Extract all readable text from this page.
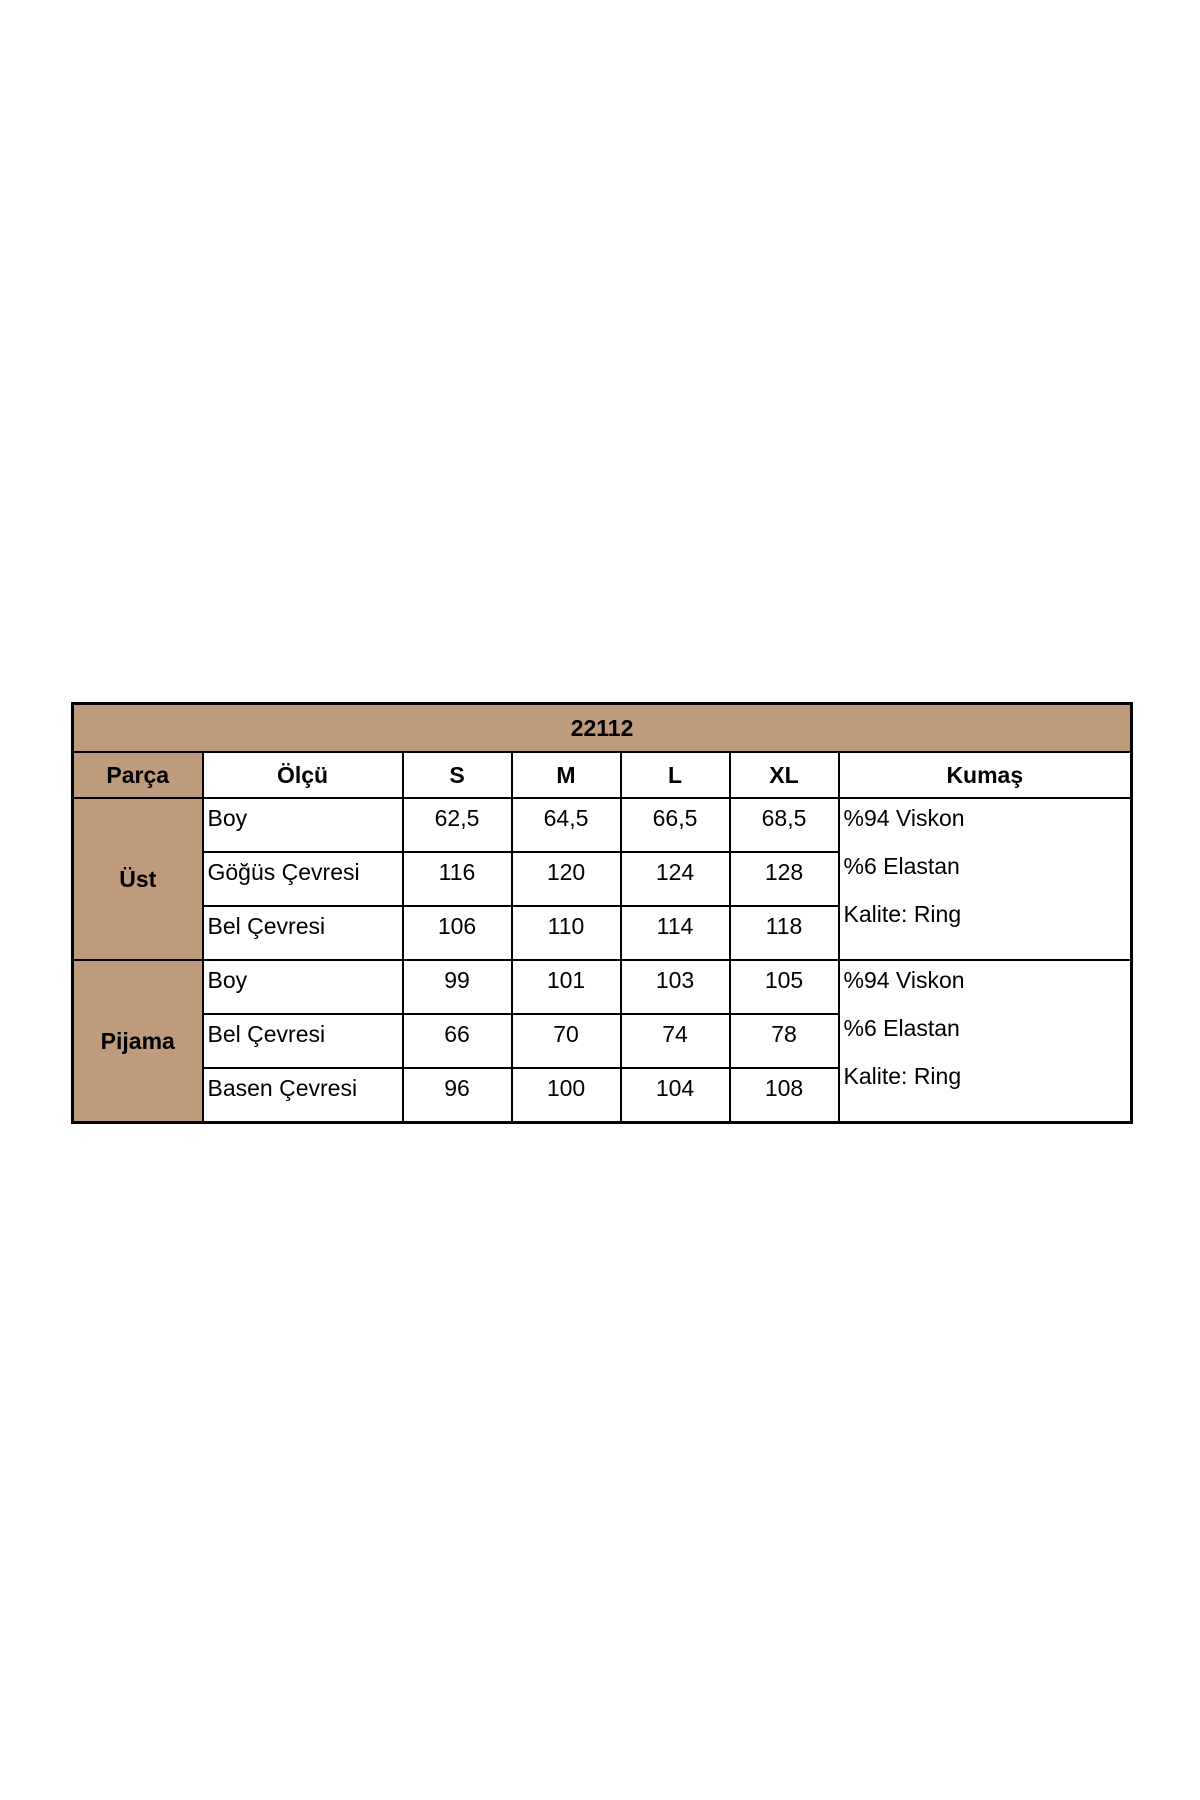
22112						
Parça	Ölçü	S	M	L	XL	Kumaş
Üst	Boy	62,5	64,5	66,5	68,5	%94 Viskon
%6 Elastan
Kalite: Ring

	Göğüs Çevresi	116	120	124	128	
	Bel Çevresi	106	110	114	118	
Pijama	Boy	99	101	103	105	%94 Viskon
%6 Elastan
Kalite: Ring

	Bel Çevresi	66	70	74	78	
	Basen Çevresi	96	100	104	108	
